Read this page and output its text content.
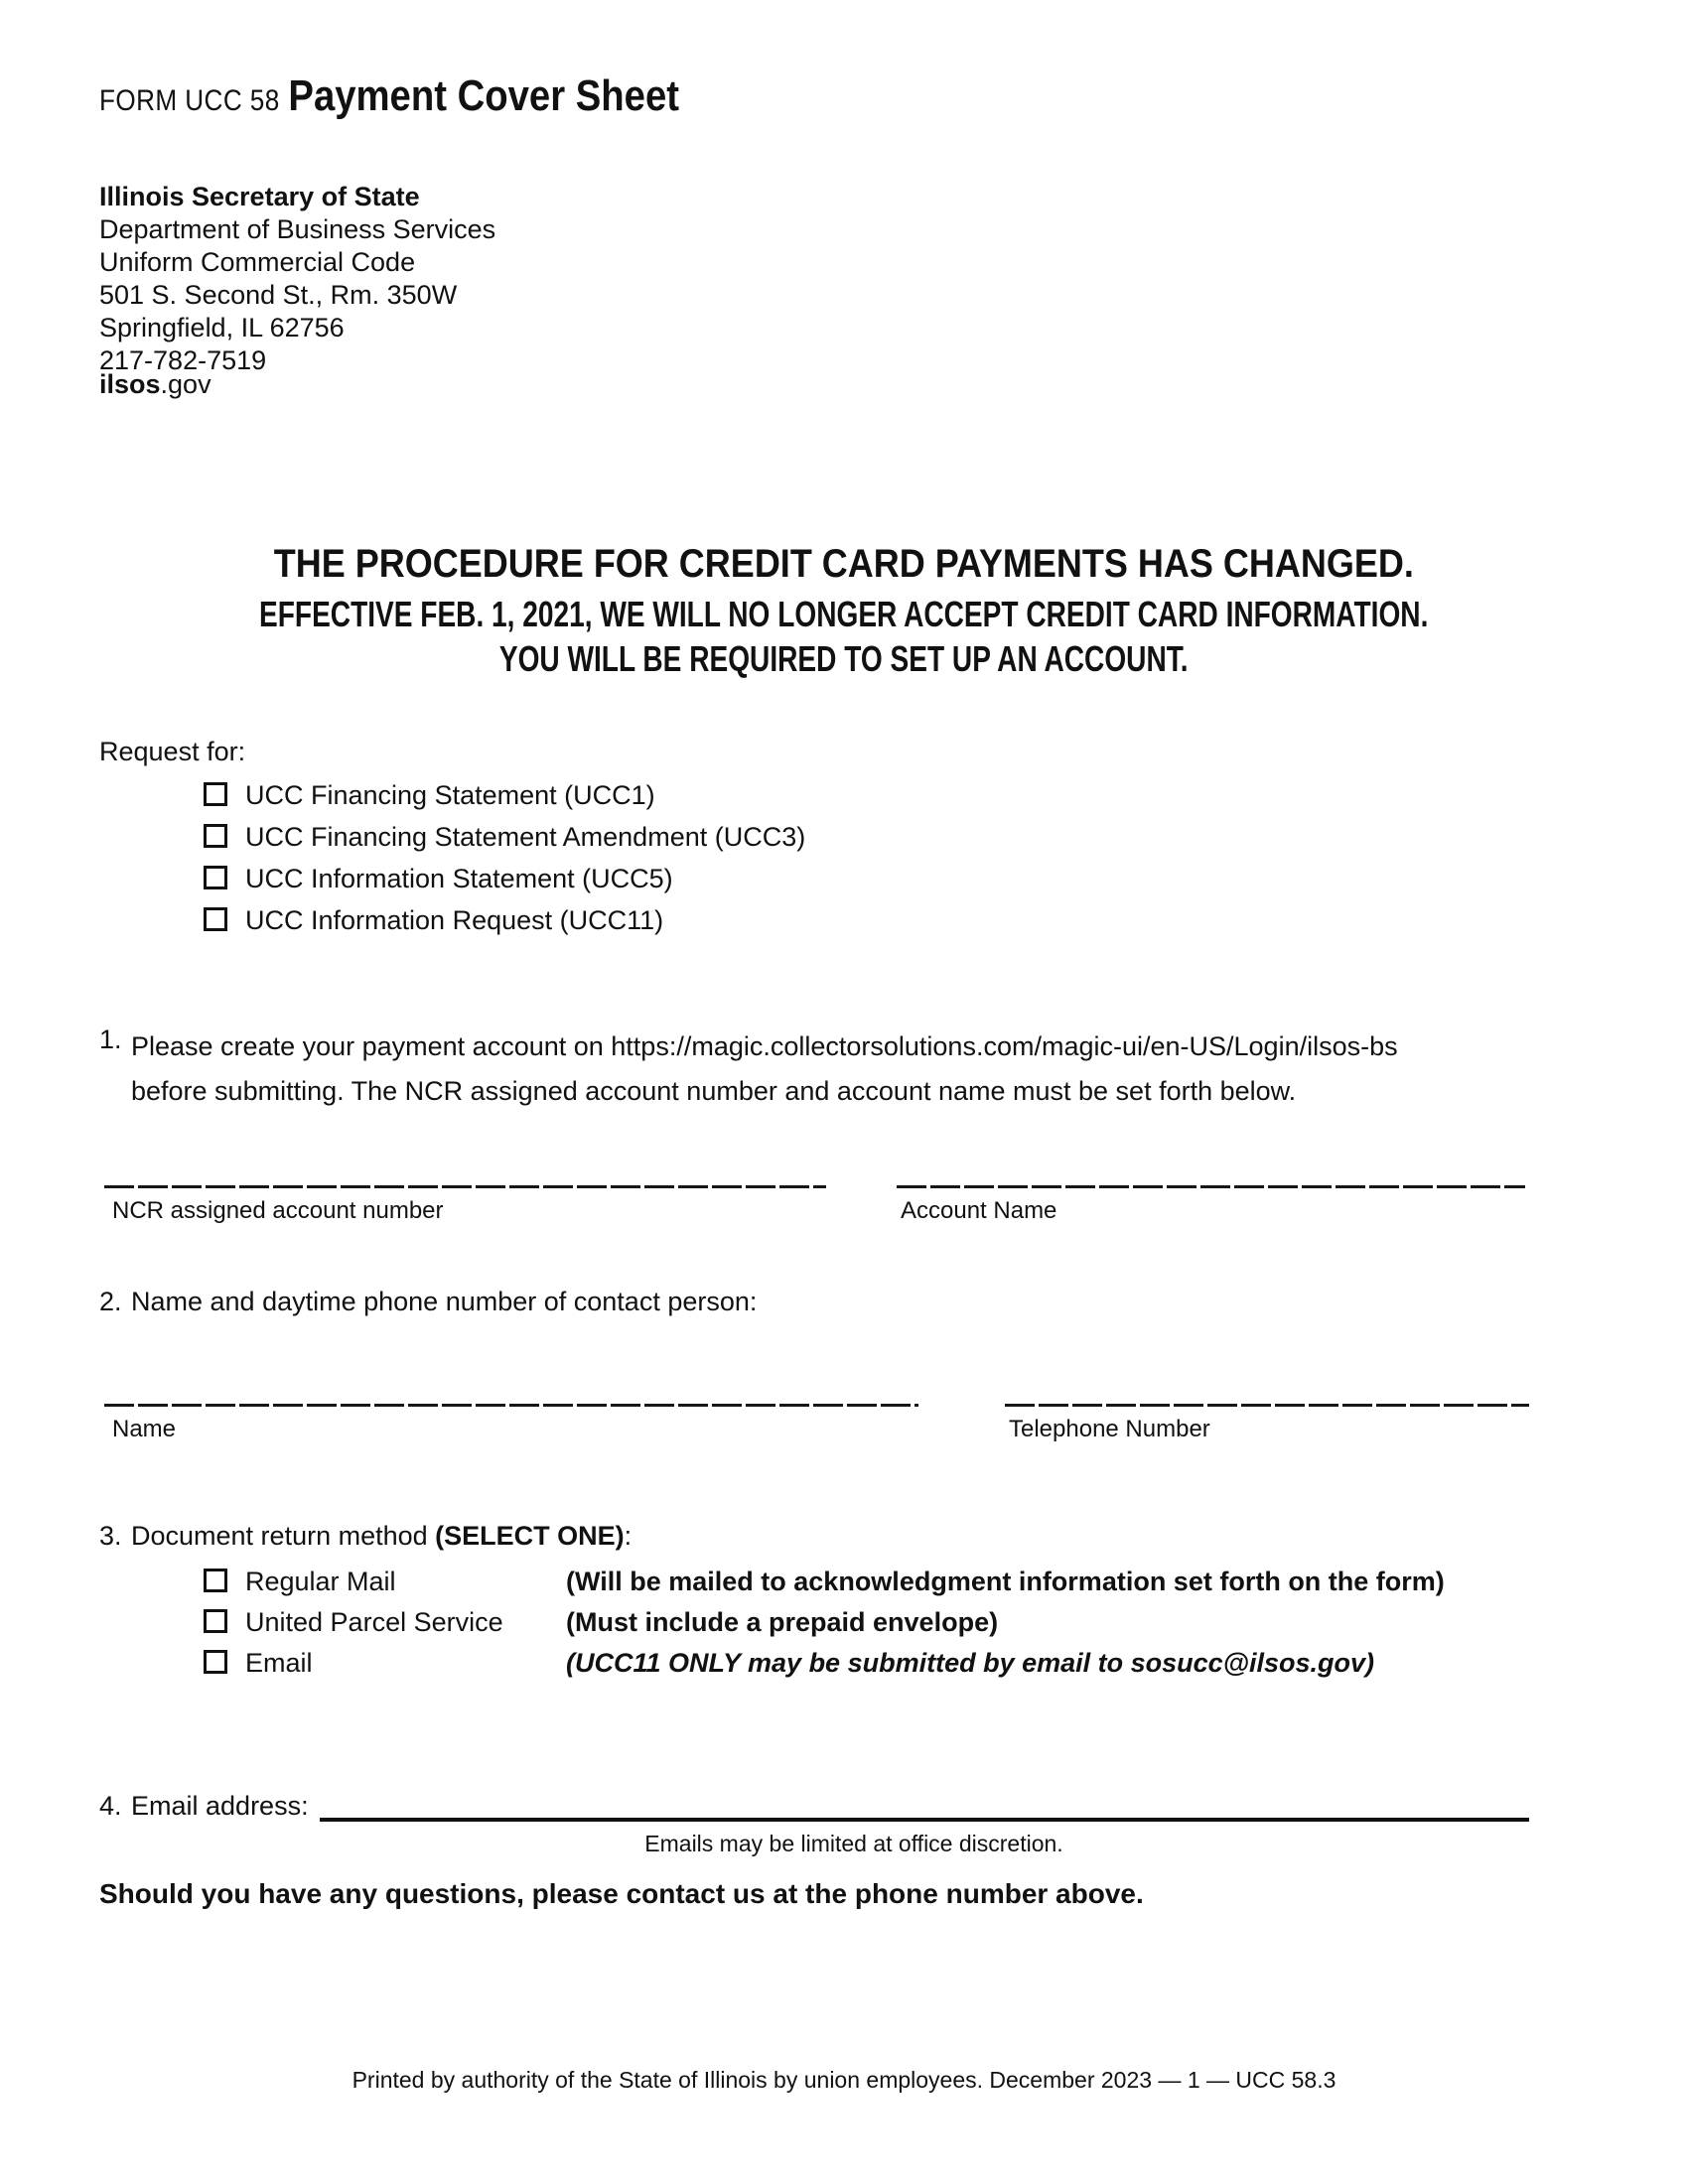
FORM UCC 58 Payment Cover Sheet
Illinois Secretary of State
Department of Business Services
Uniform Commercial Code
501 S. Second St., Rm. 350W
Springfield, IL 62756
217-782-7519
ilsos.gov
THE PROCEDURE FOR CREDIT CARD PAYMENTS HAS CHANGED.
EFFECTIVE FEB. 1, 2021, WE WILL NO LONGER ACCEPT CREDIT CARD INFORMATION.
YOU WILL BE REQUIRED TO SET UP AN ACCOUNT.
Request for:
UCC Financing Statement (UCC1)
UCC Financing Statement Amendment (UCC3)
UCC Information Statement (UCC5)
UCC Information Request (UCC11)
1. Please create your payment account on https://magic.collectorsolutions.com/magic-ui/en-US/Login/ilsos-bs
before submitting. The NCR assigned account number and account name must be set forth below.
NCR assigned account number	Account Name
2. Name and daytime phone number of contact person:
Name	Telephone Number
3. Document return method (SELECT ONE):
Regular Mail	(Will be mailed to acknowledgment information set forth on the form)
United Parcel Service (Must include a prepaid envelope)
Email	(UCC11 ONLY may be submitted by email to sosucc@ilsos.gov)
4. Email address:
Emails may be limited at office discretion.
Should you have any questions, please contact us at the phone number above.
Printed by authority of the State of Illinois by union employees. December 2023 — 1 — UCC 58.3
